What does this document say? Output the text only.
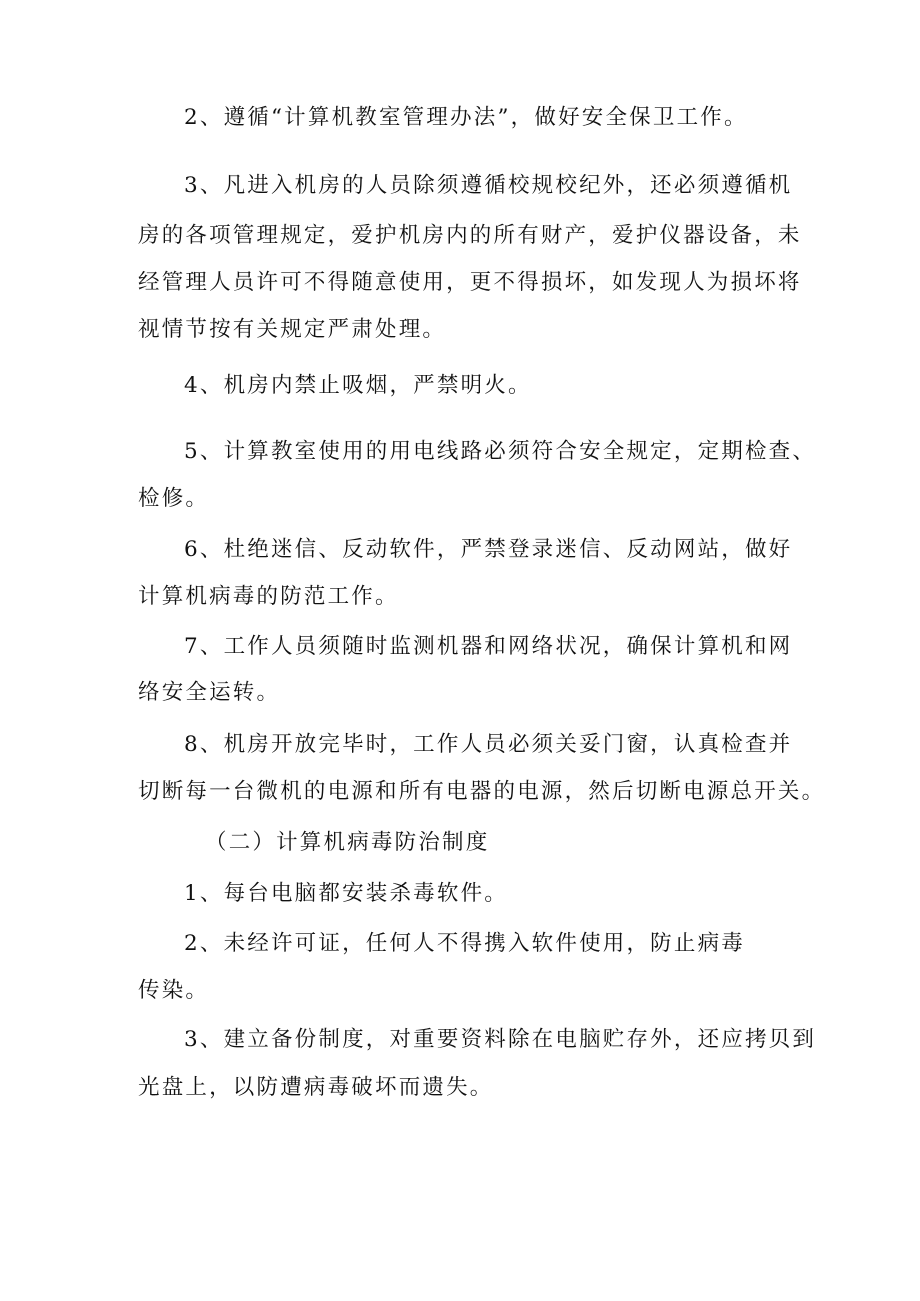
2、遵循“计算机教室管理办法”，做好安全保卫工作。
3、凡进入机房的人员除须遵循校规校纪外，还必须遵循机
房的各项管理规定，爱护机房内的所有财产，爱护仪器设备，未
经管理人员许可不得随意使用，更不得损坏，如发现人为损坏将
视情节按有关规定严肃处理。
4、机房内禁止吸烟，严禁明火。
5、计算教室使用的用电线路必须符合安全规定，定期检查、
检修。
6、杜绝迷信、反动软件，严禁登录迷信、反动网站，做好
计算机病毒的防范工作。
7、工作人员须随时监测机器和网络状况，确保计算机和网
络安全运转。
8、机房开放完毕时，工作人员必须关妥门窗，认真检查并
切断每一台微机的电源和所有电器的电源，然后切断电源总开关。
（二）计算机病毒防治制度
1、每台电脑都安装杀毒软件。
2、未经许可证，任何人不得携入软件使用，防止病毒
传染。
3、建立备份制度，对重要资料除在电脑贮存外，还应拷贝到
光盘上，以防遭病毒破坏而遗失。
